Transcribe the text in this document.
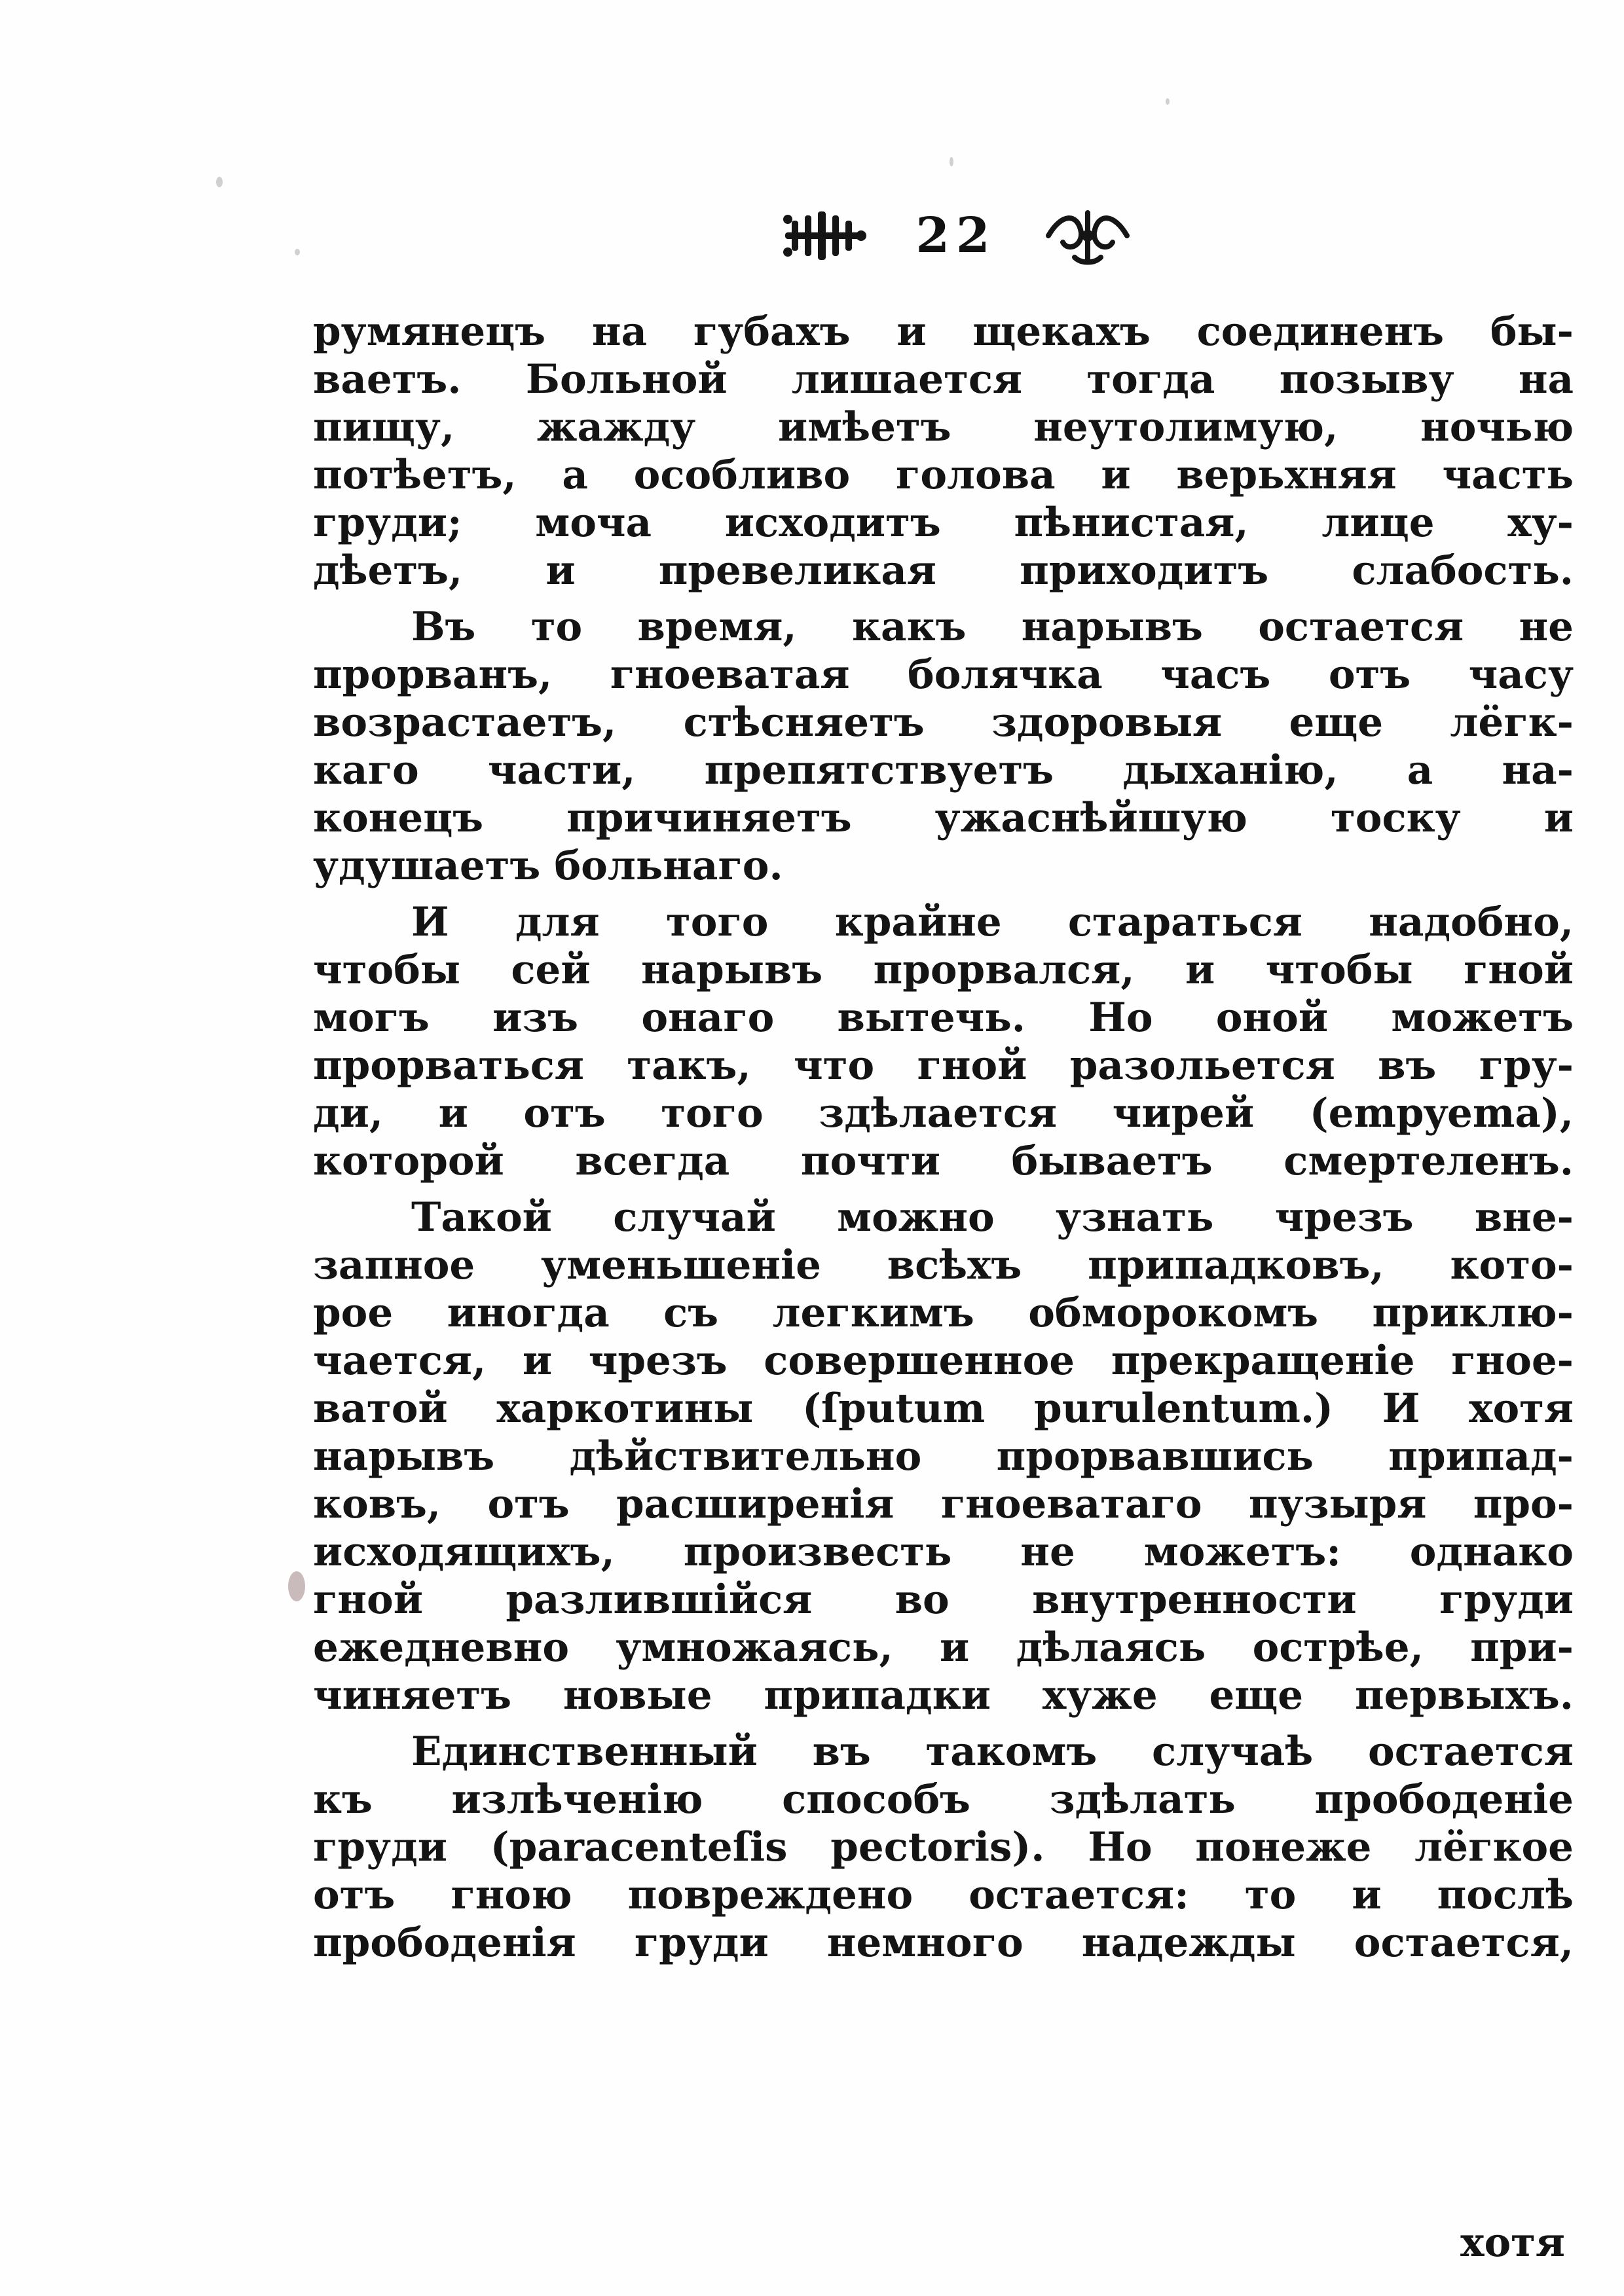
22
румянецъ на губахъ и щекахъ соединенъ бы-
ваетъ. Больной лишается тогда позыву на
пищу, жажду имѣетъ неутолимую, ночью
потѣетъ, а особливо голова и верьхняя часть
груди; моча исходитъ пѣнистая, лице ху-
дѣетъ, и превеликая приходитъ слабость.
Въ то время, какъ нарывъ остается не
прорванъ, гноеватая болячка часъ отъ часу
возрастаетъ, стѣсняетъ здоровыя еще лёгк-
каго части, препятствуетъ дыханію, а на-
конецъ причиняетъ ужаснѣйшую тоску и
удушаетъ больнаго.
И для того крайне стараться надобно,
чтобы сей нарывъ прорвался, и чтобы гной
могъ изъ онаго вытечь. Но оной можетъ
прорваться такъ, что гной разольется въ гру-
ди, и отъ того здѣлается чирей (empyema),
которой всегда почти бываетъ смертеленъ.
Такой случай можно узнать чрезъ вне-
запное уменьшеніе всѣхъ припадковъ, кото-
рое иногда съ легкимъ обморокомъ приклю-
чается, и чрезъ совершенное прекращеніе гное-
ватой харкотины (ſputum purulentum.) И хотя
нарывъ дѣйствительно прорвавшись припад-
ковъ, отъ расширенія гноеватаго пузыря про-
исходящихъ, произвесть не можетъ: однако
гной разлившійся во внутренности груди
ежедневно умножаясь, и дѣлаясь острѣе, при-
чиняетъ новые припадки хуже еще первыхъ.
Единственный въ такомъ случаѣ остается
къ излѣченію способъ здѣлать прободеніе
груди (paracenteſis pectoris). Но понеже лёгкое
отъ гною повреждено остается: то и послѣ
прободенія груди немного надежды остается,
хотя
